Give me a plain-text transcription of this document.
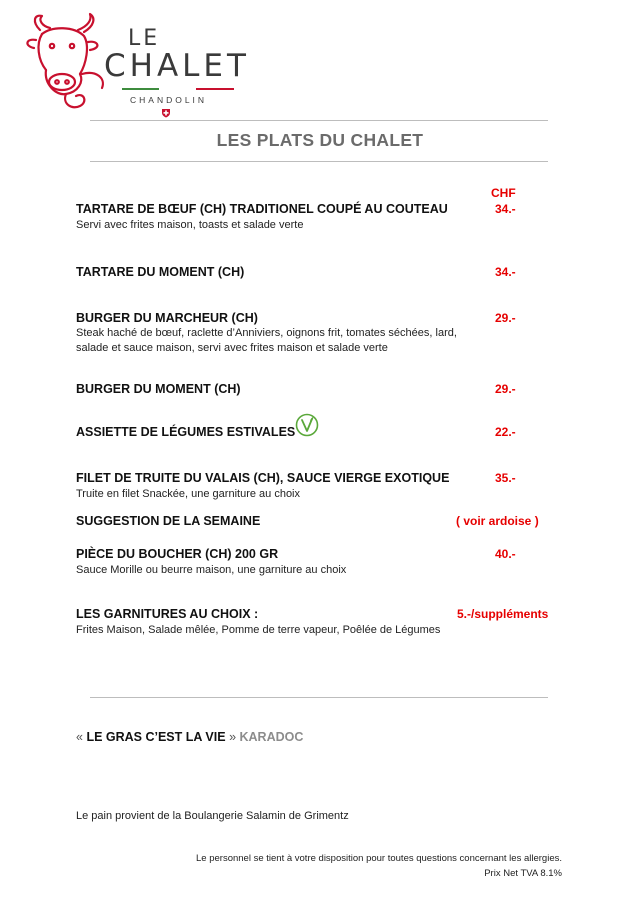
LE
CHALET
CHANDOLIN
LES PLATS DU CHALET
CHF
TARTARE DE BŒUF (CH) TRADITIONEL COUPÉ AU COUTEAU	34.-
Servi avec frites maison, toasts et salade verte
TARTARE DU MOMENT (CH)	34.-
BURGER DU MARCHEUR (CH)	29.-
Steak haché de bœuf, raclette d’Anniviers, oignons frit, tomates séchées, lard,
salade et sauce maison, servi avec frites maison et salade verte
BURGER DU MOMENT (CH)	29.-
ASSIETTE DE LÉGUMES ESTIVALES	22.-
FILET DE TRUITE DU VALAIS (CH), SAUCE VIERGE EXOTIQUE	35.-
Truite en filet Snackée, une garniture au choix
SUGGESTION DE LA SEMAINE	( voir ardoise )
PIÈCE DU BOUCHER (CH) 200 GR	40.-
Sauce Morille ou beurre maison, une garniture au choix
LES GARNITURES AU CHOIX :	5.-/suppléments
Frites Maison, Salade mêlée, Pomme de terre vapeur, Poêlée de Légumes
« LE GRAS C’EST LA VIE » KARADOC
Le pain provient de la Boulangerie Salamin de Grimentz
Le personnel se tient à votre disposition pour toutes questions concernant les allergies.
Prix Net TVA 8.1%
